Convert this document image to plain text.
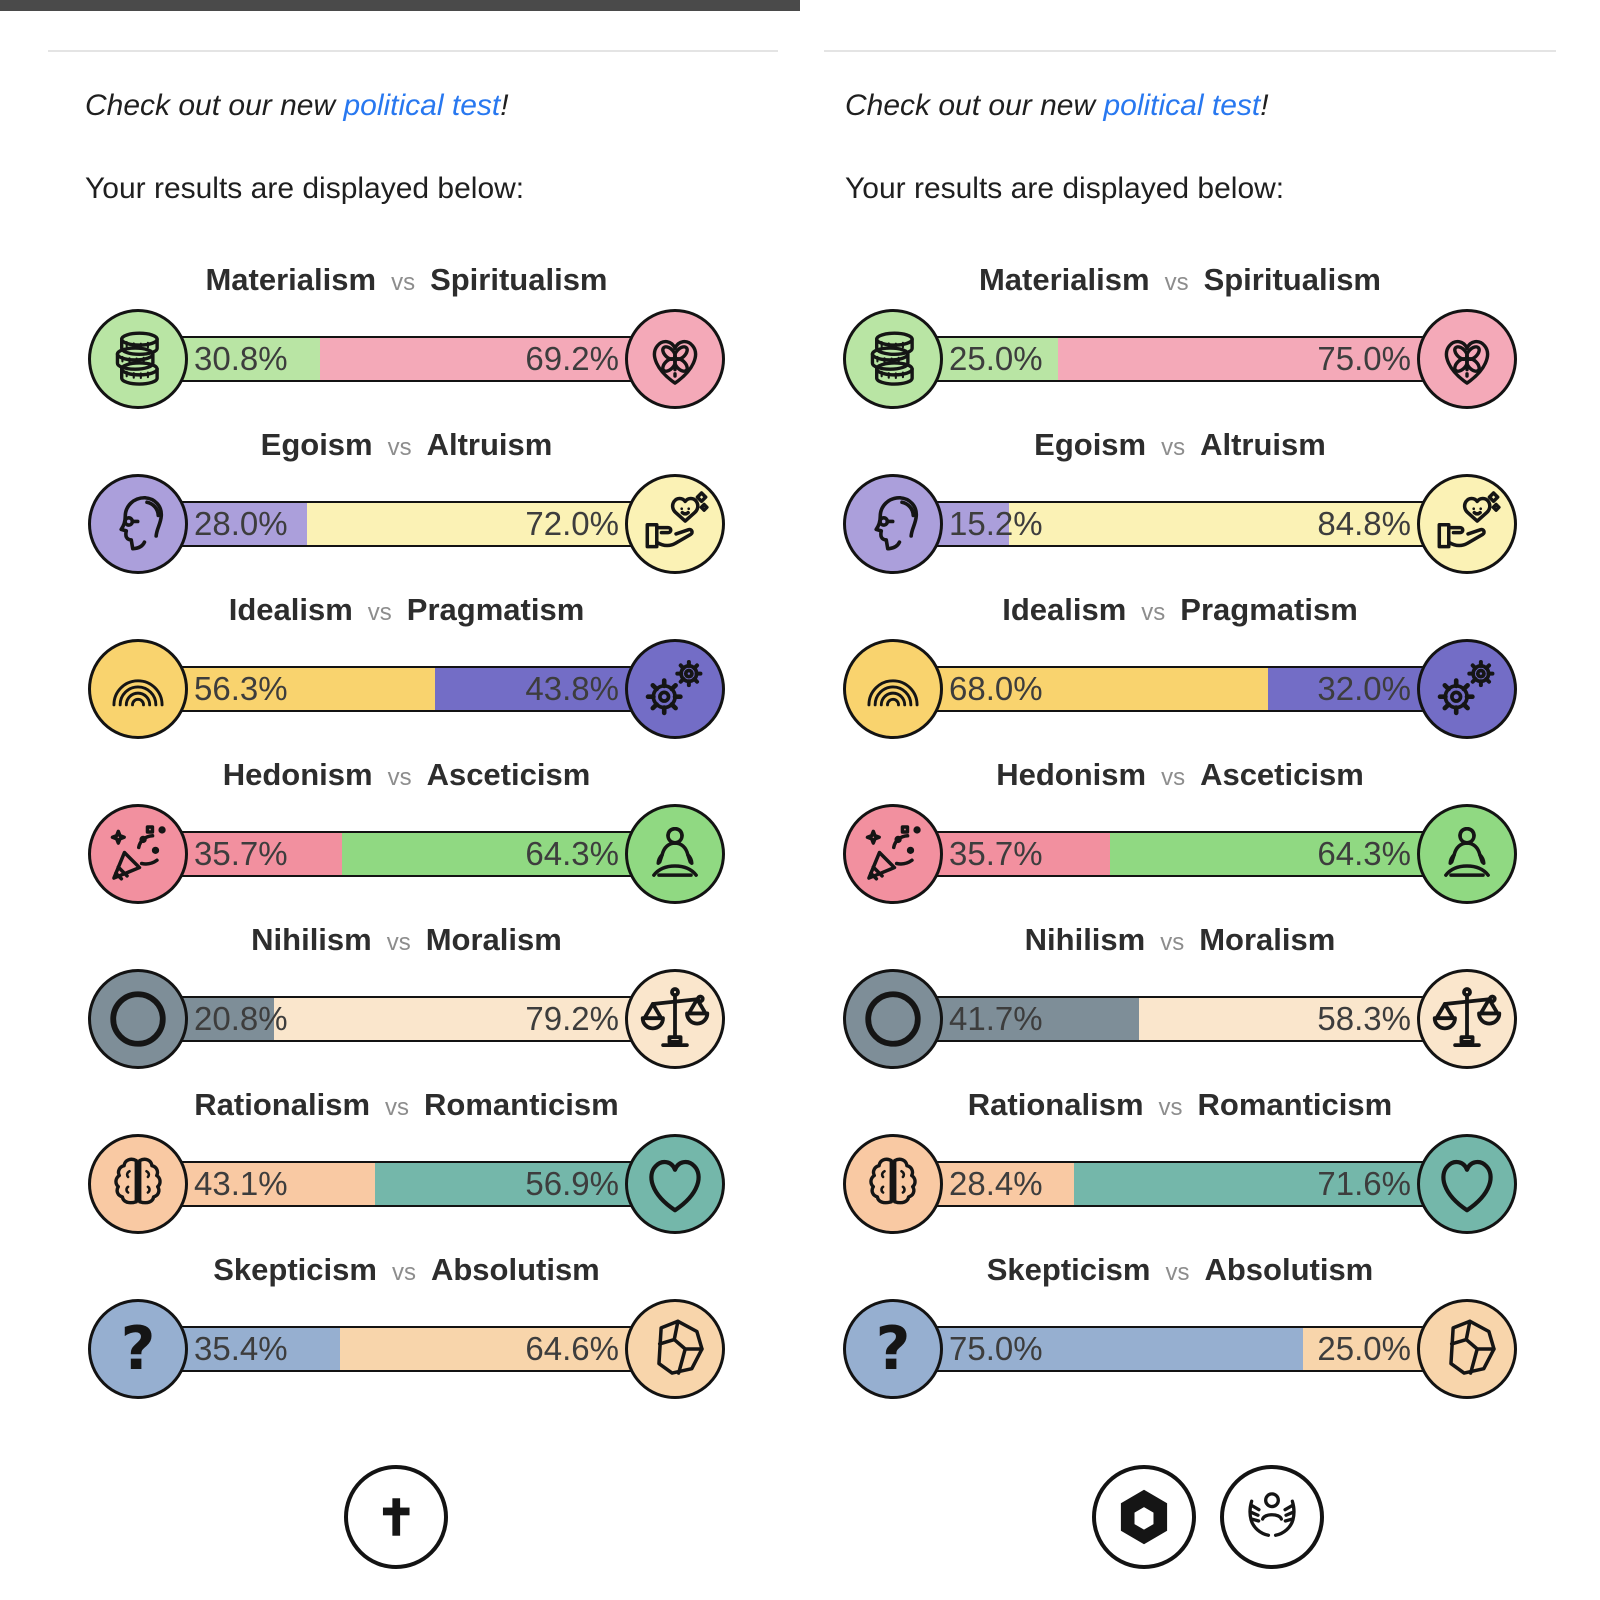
Check out our new political test!

Your results are displayed below:

Materialism vs Spiritualism
30.8%	69.2%
Egoism vs Altruism
28.0%	72.0%
Idealism vs Pragmatism
56.3%	43.8%
Hedonism vs Asceticism
35.7%	64.3%
Nihilism vs Moralism
20.8%	79.2%
Rationalism vs Romanticism
43.1%	56.9%
Skepticism vs Absolutism
? 35.4%	64.6%

Check out our new political test!

Your results are displayed below:

Materialism vs Spiritualism
25.0%	75.0%
Egoism vs Altruism
15.2%	84.8%
Idealism vs Pragmatism
68.0%	32.0%
Hedonism vs Asceticism
35.7%	64.3%
Nihilism vs Moralism
41.7%	58.3%
Rationalism vs Romanticism
28.4%	71.6%
Skepticism vs Absolutism
? 75.0%	25.0%
